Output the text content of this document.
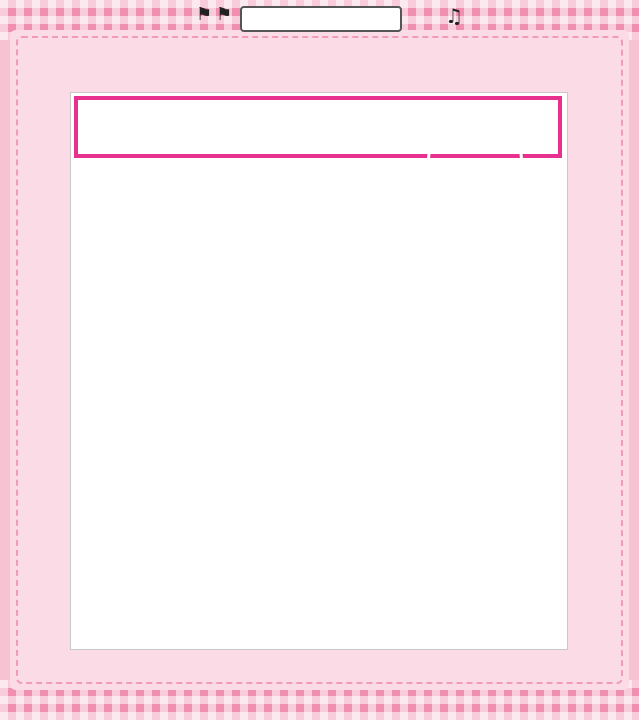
⚑ ⚑	♫
